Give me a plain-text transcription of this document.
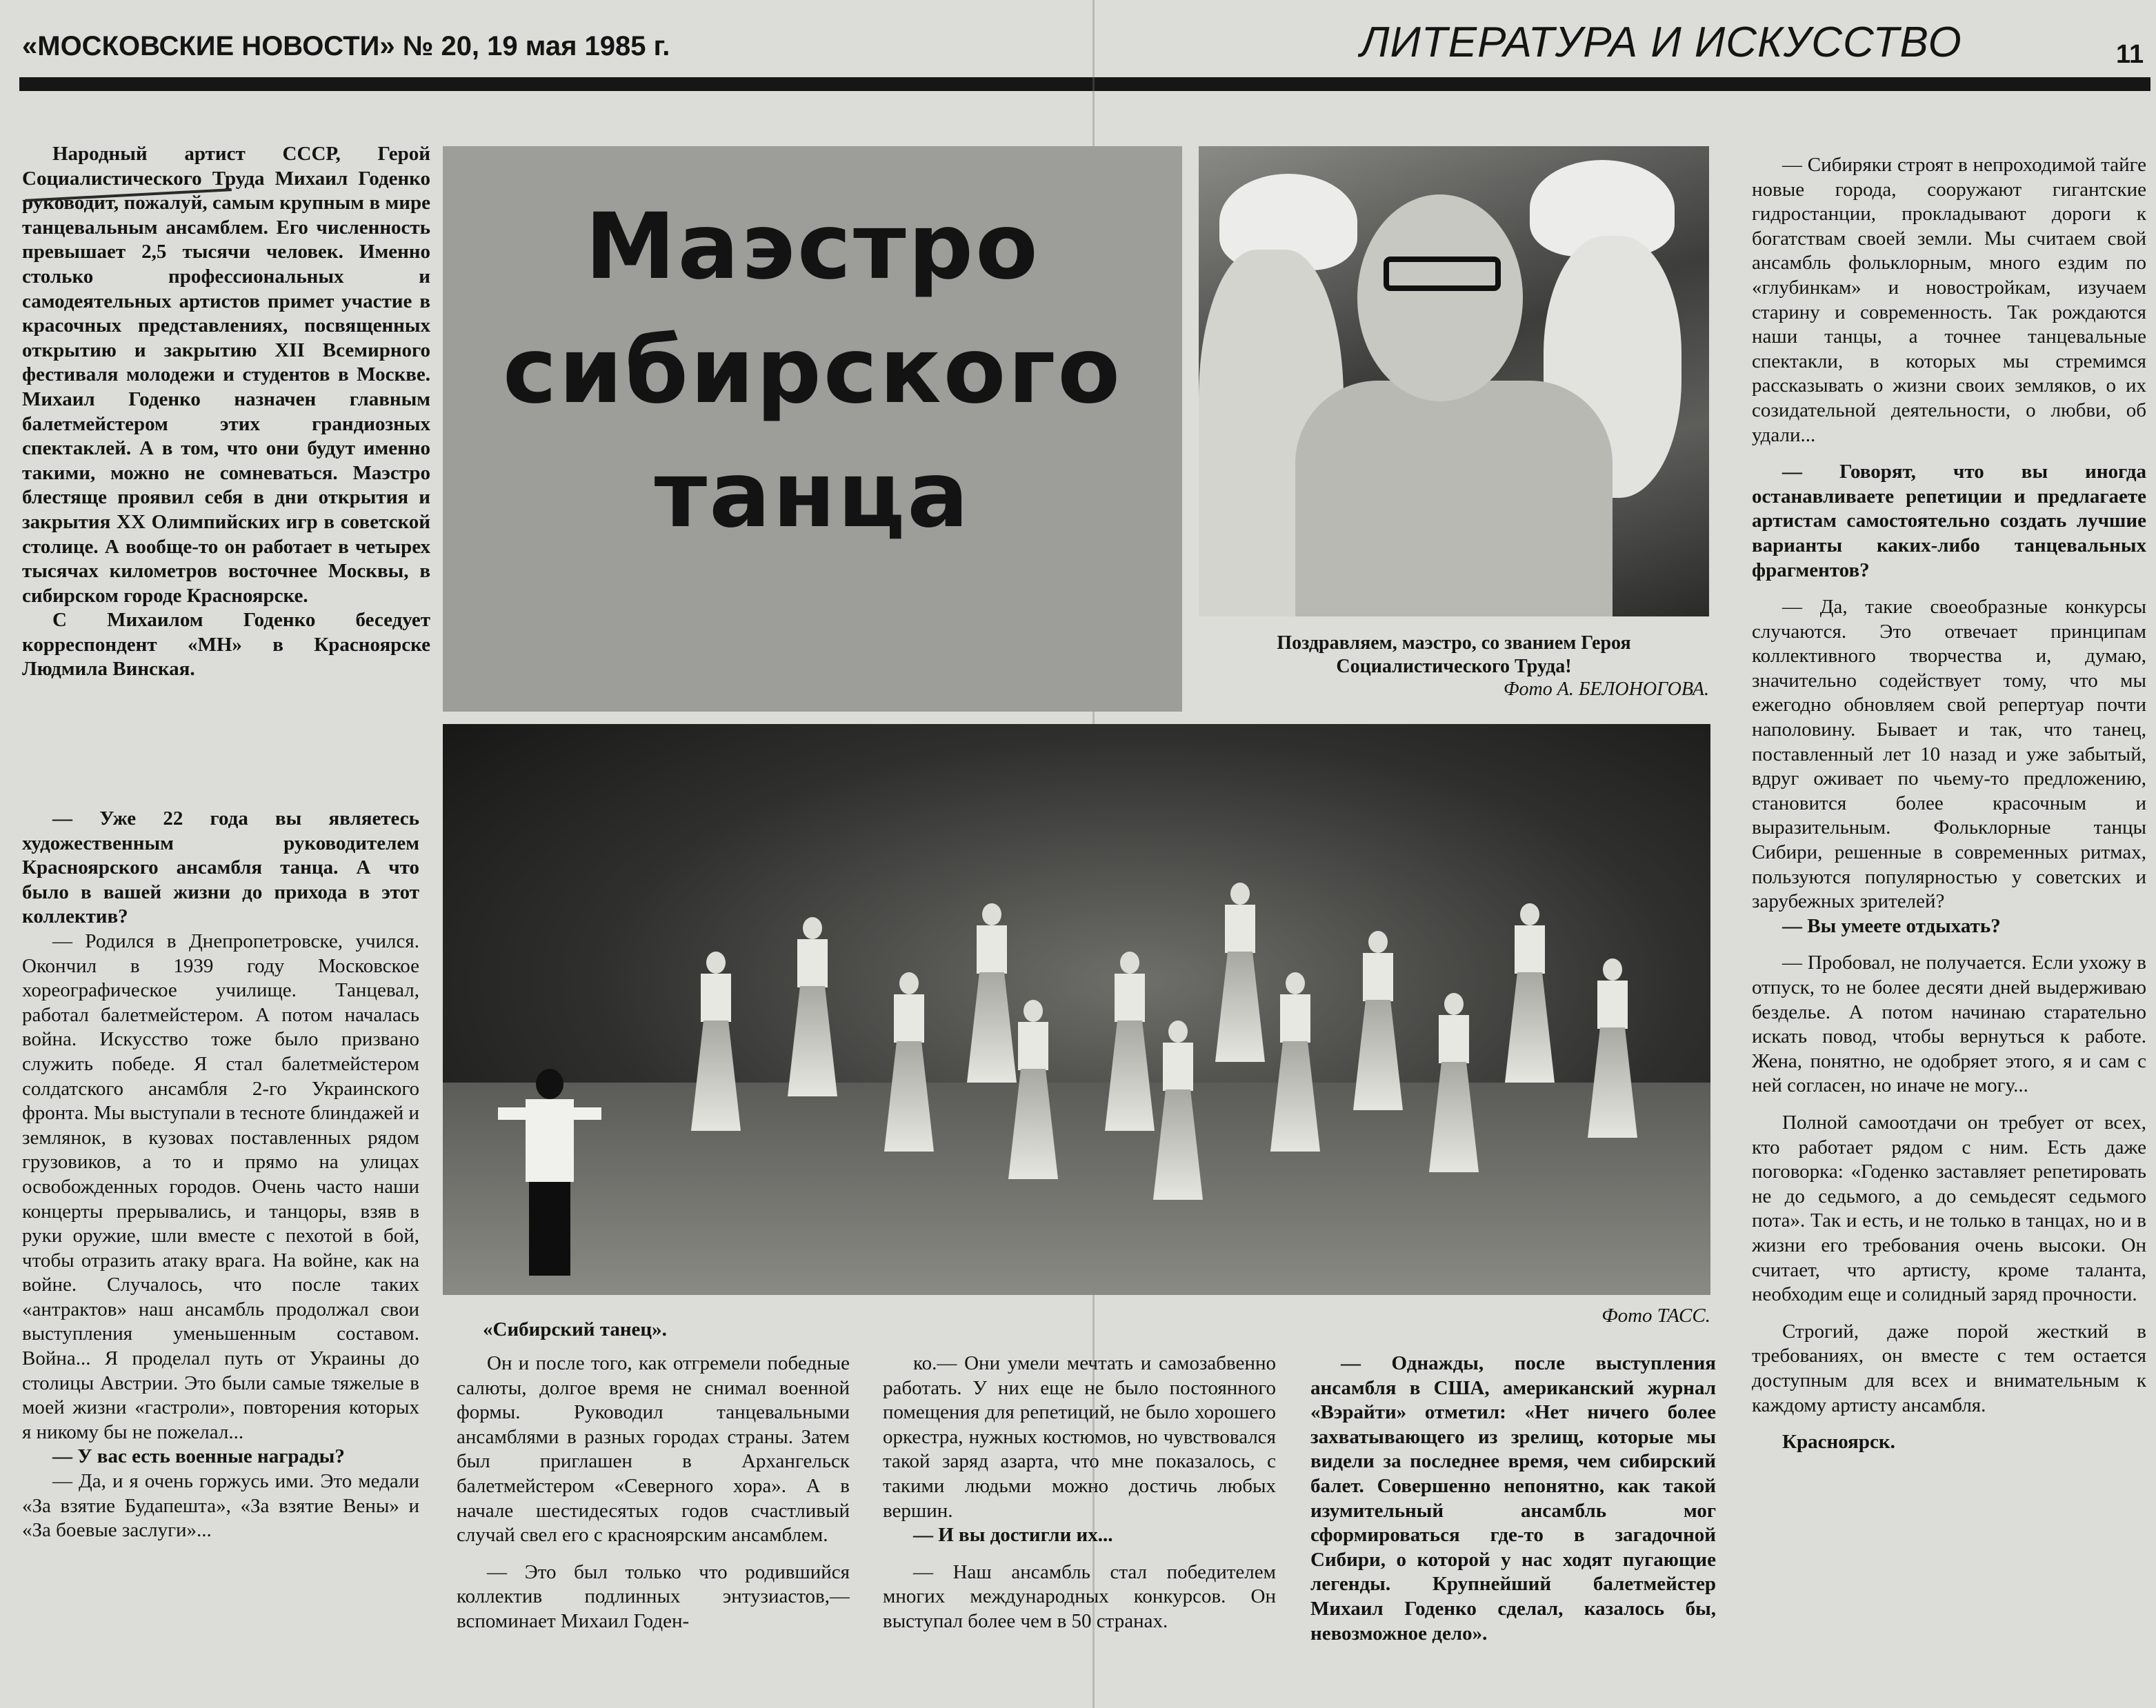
«МОСКОВСКИЕ НОВОСТИ» № 20, 19 мая 1985 г.	ЛИТЕРАТУРА И ИСКУССТВО	11

Народный артист СССР, Герой Социалистического Труда Михаил Годенко руководит, пожалуй, самым крупным в мире танцевальным ансамблем. Его численность превышает 2,5 тысячи человек. Именно столько профессиональных и самодеятельных артистов примет участие в красочных представлениях, посвященных открытию и закрытию XII Всемирного фестиваля молодежи и студентов в Москве. Михаил Годенко назначен главным балетмейстером этих грандиозных спектаклей. А в том, что они будут именно такими, можно не сомневаться. Маэстро блестяще проявил себя в дни открытия и закрытия XX Олимпийских игр в советской столице. А вообще-то он работает в четырех тысячах километров восточнее Москвы, в сибирском городе Красноярске.

С Михаилом Годенко беседует корреспондент «МН» в Красноярске Людмила Винская.

— Уже 22 года вы являетесь художественным руководителем Красноярского ансамбля танца. А что было в вашей жизни до прихода в этот коллектив?

— Родился в Днепропетровске, учился. Окончил в 1939 году Московское хореографическое училище. Танцевал, работал балетмейстером. А потом началась война. Искусство тоже было призвано служить победе. Я стал балетмейстером солдатского ансамбля 2-го Украинского фронта. Мы выступали в тесноте блиндажей и землянок, в кузовах поставленных рядом грузовиков, а то и прямо на улицах освобожденных городов. Очень часто наши концерты прерывались, и танцоры, взяв в руки оружие, шли вместе с пехотой в бой, чтобы отразить атаку врага. На войне, как на войне. Случалось, что после таких «антрактов» наш ансамбль продолжал свои выступления уменьшенным составом. Война... Я проделал путь от Украины до столицы Австрии. Это были самые тяжелые в моей жизни «гастроли», повторения которых я никому бы не пожелал...

— У вас есть военные награды?

— Да, и я очень горжусь ими. Это медали «За взятие Будапешта», «За взятие Вены» и «За боевые заслуги»...

Маэстро
сибирского
танца
Поздравляем, маэстро, со званием Героя Социалистического Труда!
Фото А. БЕЛОНОГОВА.
Фото ТАСС.
«Сибирский танец».

Он и после того, как отгремели победные салюты, долгое время не снимал военной формы. Руководил танцевальными ансамблями в разных городах страны. Затем был приглашен в Архангельск балетмейстером «Северного хора». А в начале шестидесятых годов счастливый случай свел его с красноярским ансамблем.

— Это был только что родившийся коллектив подлинных энтузиастов,— вспоминает Михаил Годен-

ко.— Они умели мечтать и самозабвенно работать. У них еще не было постоянного помещения для репетиций, не было хорошего оркестра, нужных костюмов, но чувствовался такой заряд азарта, что мне показалось, с такими людьми можно достичь любых вершин.

— И вы достигли их...

— Наш ансамбль стал победителем многих международных конкурсов. Он выступал более чем в 50 странах.

— Однажды, после выступления ансамбля в США, американский журнал «Вэрайти» отметил: «Нет ничего более захватывающего из зрелищ, которые мы видели за последнее время, чем сибирский балет. Совершенно непонятно, как такой изумительный ансамбль мог сформироваться где-то в загадочной Сибири, о которой у нас ходят пугающие легенды. Крупнейший балетмейстер Михаил Годенко сделал, казалось бы, невозможное дело».

— Сибиряки строят в непроходимой тайге новые города, сооружают гигантские гидростанции, прокладывают дороги к богатствам своей земли. Мы считаем свой ансамбль фольклорным, много ездим по «глубинкам» и новостройкам, изучаем старину и современность. Так рождаются наши танцы, а точнее танцевальные спектакли, в которых мы стремимся рассказывать о жизни своих земляков, о их созидательной деятельности, о любви, об удали...

— Говорят, что вы иногда останавливаете репетиции и предлагаете артистам самостоятельно создать лучшие варианты каких-либо танцевальных фрагментов?

— Да, такие своеобразные конкурсы случаются. Это отвечает принципам коллективного творчества и, думаю, значительно содействует тому, что мы ежегодно обновляем свой репертуар почти наполовину. Бывает и так, что танец, поставленный лет 10 назад и уже забытый, вдруг оживает по чьему-то предложению, становится более красочным и выразительным. Фольклорные танцы Сибири, решенные в современных ритмах, пользуются популярностью у советских и зарубежных зрителей?

— Вы умеете отдыхать?

— Пробовал, не получается. Если ухожу в отпуск, то не более десяти дней выдерживаю безделье. А потом начинаю старательно искать повод, чтобы вернуться к работе. Жена, понятно, не одобряет этого, я и сам с ней согласен, но иначе не могу...

Полной самоотдачи он требует от всех, кто работает рядом с ним. Есть даже поговорка: «Годенко заставляет репетировать не до седьмого, а до семьдесят седьмого пота». Так и есть, и не только в танцах, но и в жизни его требования очень высоки. Он считает, что артисту, кроме таланта, необходим еще и солидный заряд прочности.

Строгий, даже порой жесткий в требованиях, он вместе с тем остается доступным для всех и внимательным к каждому артисту ансамбля.

Красноярск.
